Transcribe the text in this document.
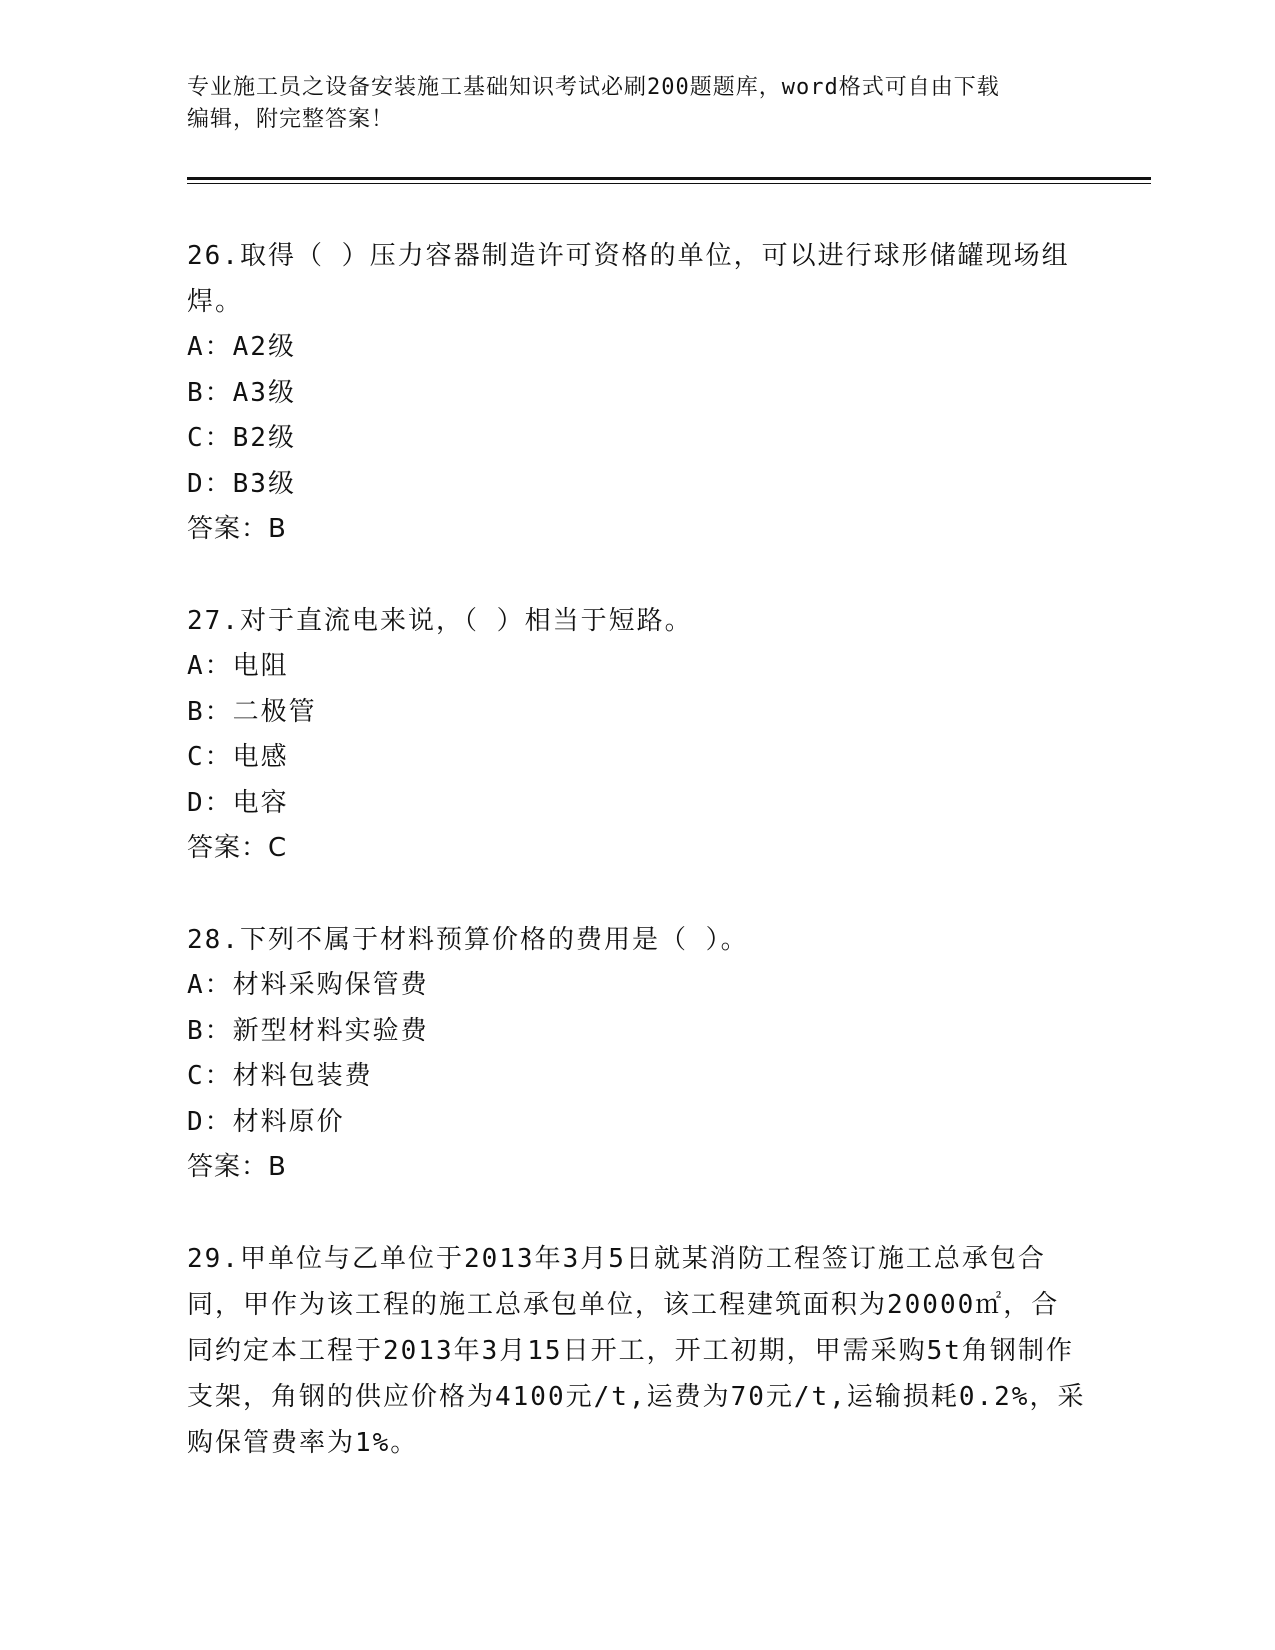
专业施工员之设备安装施工基础知识考试必刷200题题库，word格式可自由下载
编辑，附完整答案！

26.取得（ ）压力容器制造许可资格的单位，可以进行球形储罐现场组焊。

A：A2级

B：A3级

C：B2级

D：B3级

答案：B

27.对于直流电来说，（ ）相当于短路。

A：电阻

B：二极管

C：电感

D：电容

答案：C

28.下列不属于材料预算价格的费用是（ ）。

A：材料采购保管费

B：新型材料实验费

C：材料包装费

D：材料原价

答案：B

29.甲单位与乙单位于2013年3月5日就某消防工程签订施工总承包合同，甲作为该工程的施工总承包单位，该工程建筑面积为20000㎡，合同约定本工程于2013年3月15日开工，开工初期，甲需采购5t角钢制作支架，角钢的供应价格为4100元/t,运费为70元/t,运输损耗0.2%，采购保管费率为1%。
